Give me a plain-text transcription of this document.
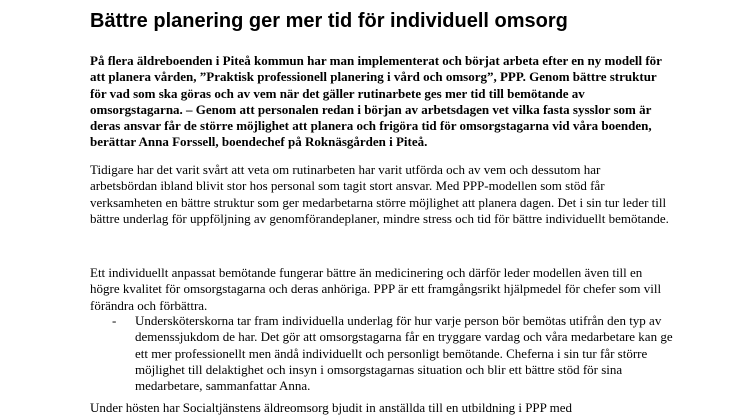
Bättre planering ger mer tid för individuell omsorg

På flera äldreboenden i Piteå kommun har man implementerat och börjat arbeta efter en ny modell för att planera vården, ”Praktisk professionell planering i vård och omsorg”, PPP. Genom bättre struktur för vad som ska göras och av vem när det gäller rutinarbete ges mer tid till bemötande av omsorgstagarna. – Genom att personalen redan i början av arbetsdagen vet vilka fasta sysslor som är deras ansvar får de större möjlighet att planera och frigöra tid för omsorgstagarna vid våra boenden, berättar Anna Forssell, boendechef på Roknäsgården i Piteå.

Tidigare har det varit svårt att veta om rutinarbeten har varit utförda och av vem och dessutom har arbetsbördan ibland blivit stor hos personal som tagit stort ansvar. Med PPP-modellen som stöd får verksamheten en bättre struktur som ger medarbetarna större möjlighet att planera dagen. Det i sin tur leder till bättre underlag för uppföljning av genomförandeplaner, mindre stress och tid för bättre individuellt bemötande.

Ett individuellt anpassat bemötande fungerar bättre än medicinering och därför leder modellen även till en högre kvalitet för omsorgstagarna och deras anhöriga. PPP är ett framgångsrikt hjälpmedel för chefer som vill förändra och förbättra.

- Undersköterskorna tar fram individuella underlag för hur varje person bör bemötas utifrån den typ av demenssjukdom de har. Det gör att omsorgstagarna får en tryggare vardag och våra medarbetare kan ge ett mer professionellt men ändå individuellt och personligt bemötande. Cheferna i sin tur får större möjlighet till delaktighet och insyn i omsorgstagarnas situation och blir ett bättre stöd för sina medarbetare, sammanfattar Anna.

Under hösten har Socialtjänstens äldreomsorg bjudit in anställda till en utbildning i PPP med
